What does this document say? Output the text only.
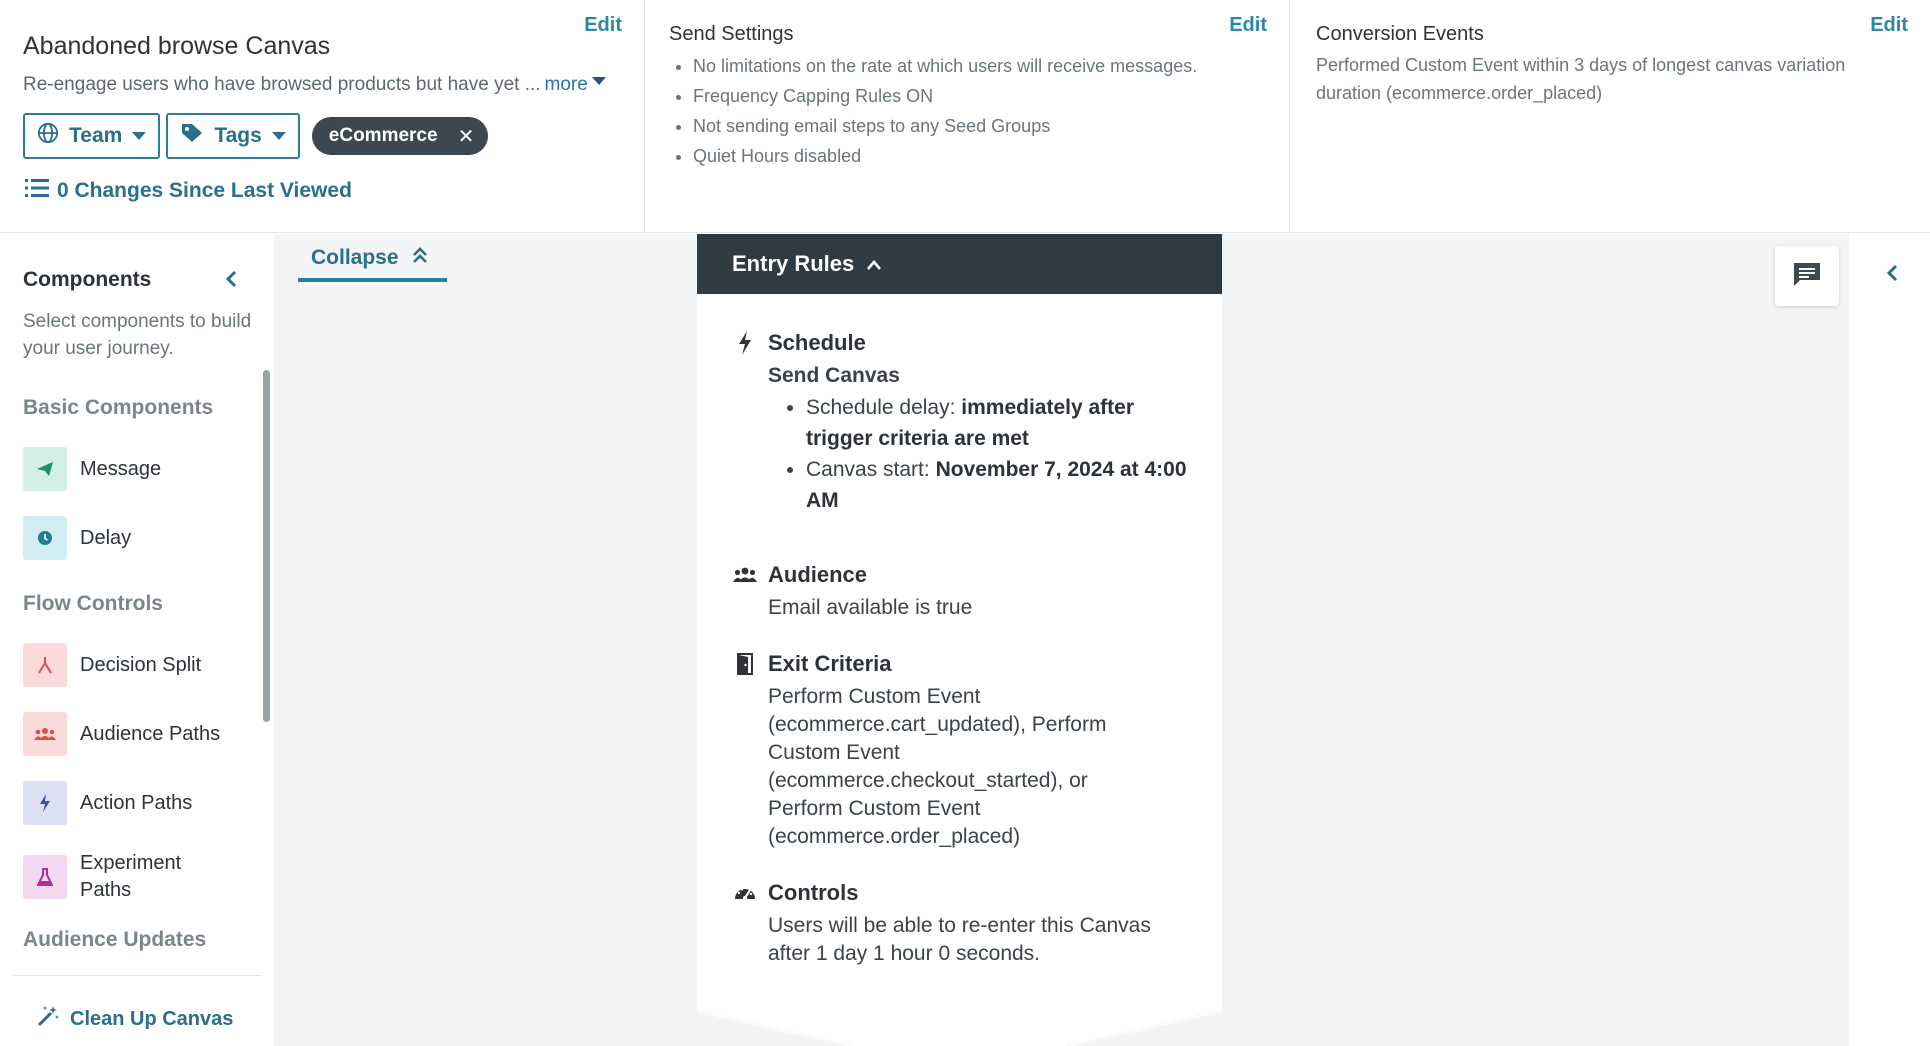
Edit
Abandoned browse Canvas
Re-engage users who have browsed products but have yet ... more
Team	Tags	eCommerce ✕
0 Changes Since Last Viewed
Edit
Send Settings
• No limitations on the rate at which users will receive messages.
• Frequency Capping Rules ON
• Not sending email steps to any Seed Groups
• Quiet Hours disabled
Edit
Conversion Events
Performed Custom Event within 3 days of longest canvas variation duration (ecommerce.order_placed)
Components
Select components to build your user journey.
Basic Components
Message
Delay
Flow Controls
Decision Split
Audience Paths
Action Paths
Experiment Paths
Audience Updates
Clean Up Canvas
Collapse	Entry Rules
Schedule
Send Canvas
• Schedule delay: immediately after trigger criteria are met
• Canvas start: November 7, 2024 at 4:00 AM
Audience
Email available is true
Exit Criteria
Perform Custom Event (ecommerce.cart_updated), Perform Custom Event (ecommerce.checkout_started), or Perform Custom Event (ecommerce.order_placed)
Controls
Users will be able to re-enter this Canvas after 1 day 1 hour 0 seconds.
